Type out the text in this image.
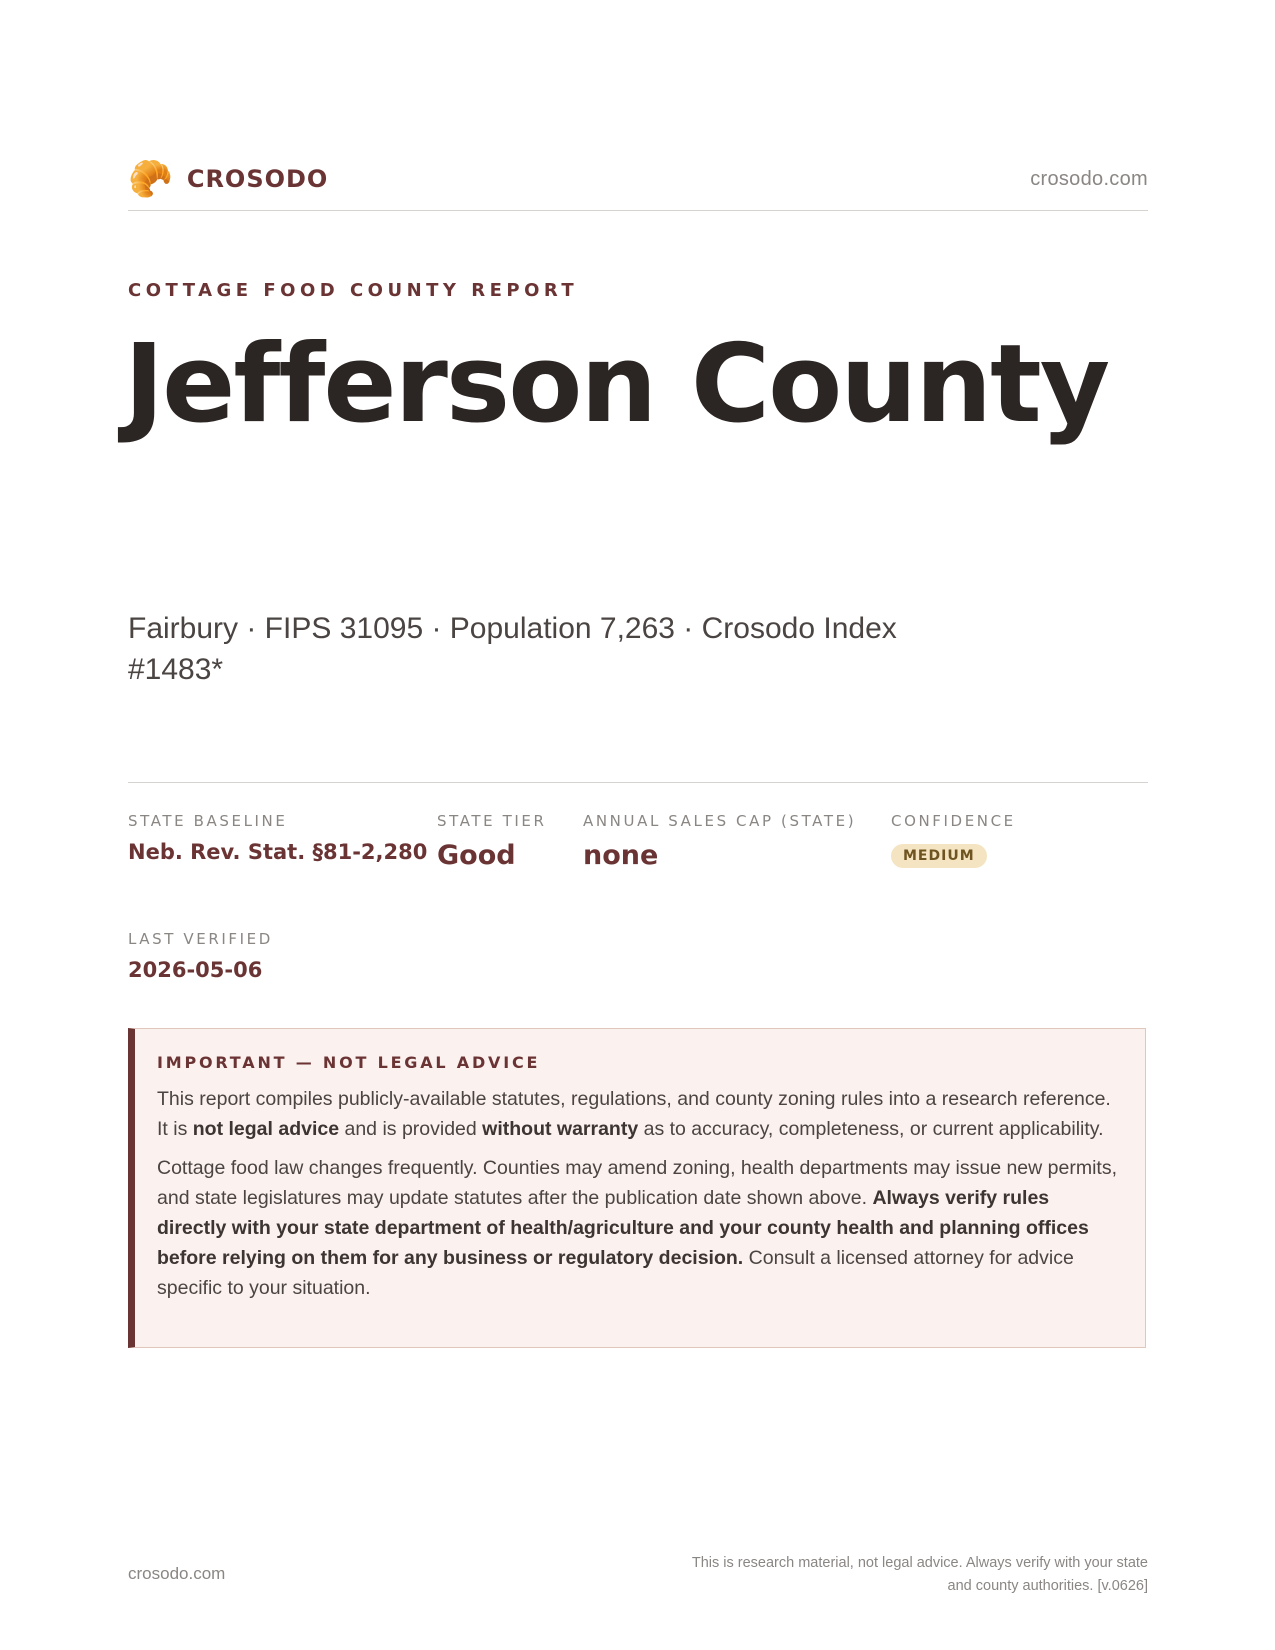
🥐 CROSODO	crosodo.com
COTTAGE FOOD COUNTY REPORT
Jefferson County
Fairbury · FIPS 31095 · Population 7,263 · Crosodo Index #1483*
STATE BASELINE
Neb. Rev. Stat. §81-2,280
STATE TIER
Good
ANNUAL SALES CAP (STATE)
none
CONFIDENCE
MEDIUM
LAST VERIFIED
2026-05-06
IMPORTANT — NOT LEGAL ADVICE

This report compiles publicly-available statutes, regulations, and county zoning rules into a research reference. It is not legal advice and is provided without warranty as to accuracy, completeness, or current applicability.

Cottage food law changes frequently. Counties may amend zoning, health departments may issue new permits, and state legislatures may update statutes after the publication date shown above. Always verify rules directly with your state department of health/agriculture and your county health and planning offices before relying on them for any business or regulatory decision. Consult a licensed attorney for advice specific to your situation.

crosodo.com
This is research material, not legal advice. Always verify with your state
and county authorities. [v.0626]
